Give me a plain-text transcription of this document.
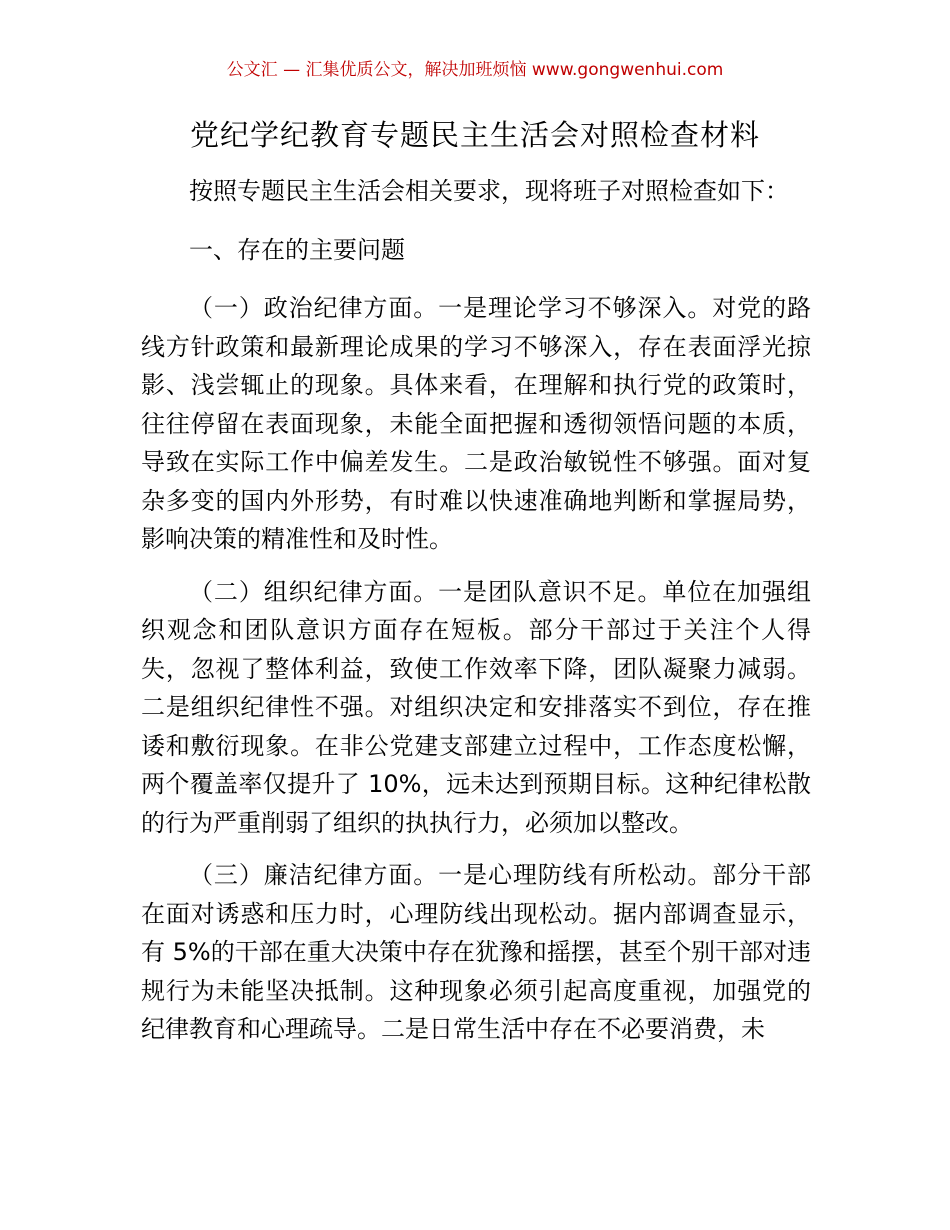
公文汇 — 汇集优质公文，解决加班烦恼 www.gongwenhui.com
党纪学纪教育专题民主生活会对照检查材料

按照专题民主生活会相关要求，现将班子对照检查如下：

一、存在的主要问题

（一）政治纪律方面。一是理论学习不够深入。对党的路线方针政策和最新理论成果的学习不够深入，存在表面浮光掠影、浅尝辄止的现象。具体来看，在理解和执行党的政策时，往往停留在表面现象，未能全面把握和透彻领悟问题的本质，导致在实际工作中偏差发生。二是政治敏锐性不够强。面对复杂多变的国内外形势，有时难以快速准确地判断和掌握局势，影响决策的精准性和及时性。

（二）组织纪律方面。一是团队意识不足。单位在加强组织观念和团队意识方面存在短板。部分干部过于关注个人得失，忽视了整体利益，致使工作效率下降，团队凝聚力减弱。二是组织纪律性不强。对组织决定和安排落实不到位，存在推诿和敷衍现象。在非公党建支部建立过程中，工作态度松懈，两个覆盖率仅提升了 10%，远未达到预期目标。这种纪律松散的行为严重削弱了组织的执执行力，必须加以整改。

（三）廉洁纪律方面。一是心理防线有所松动。部分干部在面对诱惑和压力时，心理防线出现松动。据内部调查显示，有 5%的干部在重大决策中存在犹豫和摇摆，甚至个别干部对违规行为未能坚决抵制。这种现象必须引起高度重视，加强党的纪律教育和心理疏导。二是日常生活中存在不必要消费，未
